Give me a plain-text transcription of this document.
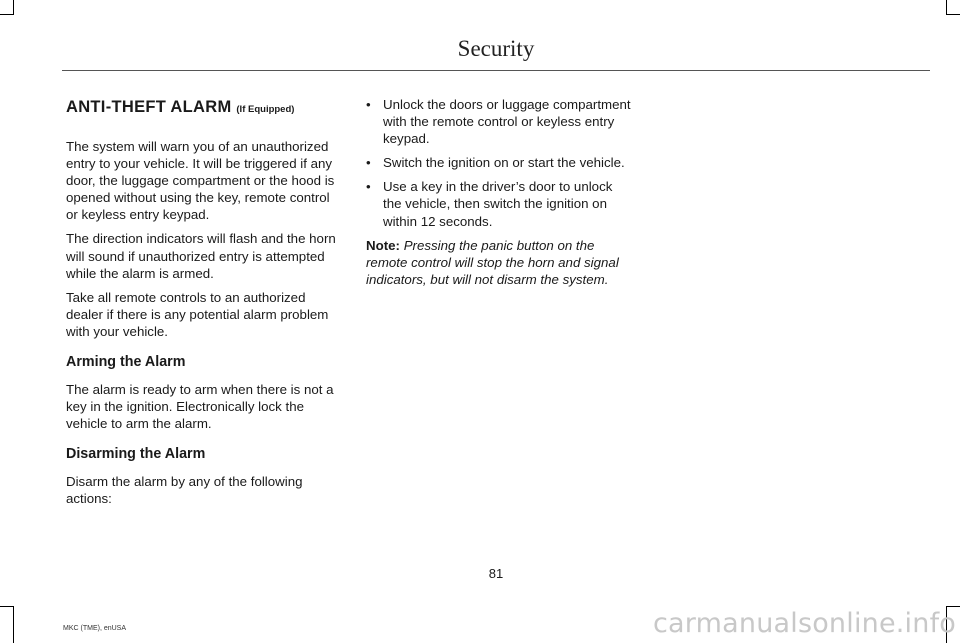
Security
ANTI-THEFT ALARM (If Equipped)

The system will warn you of an unauthorized entry to your vehicle. It will be triggered if any door, the luggage compartment or the hood is opened without using the key, remote control or keyless entry keypad.

The direction indicators will flash and the horn will sound if unauthorized entry is attempted while the alarm is armed.

Take all remote controls to an authorized dealer if there is any potential alarm problem with your vehicle.

Arming the Alarm

The alarm is ready to arm when there is not a key in the ignition. Electronically lock the vehicle to arm the alarm.

Disarming the Alarm

Disarm the alarm by any of the following actions:

• Unlock the doors or luggage compartment with the remote control or keyless entry keypad.
• Switch the ignition on or start the vehicle.
• Use a key in the driver’s door to unlock the vehicle, then switch the ignition on within 12 seconds.

Note: Pressing the panic button on the remote control will stop the horn and signal indicators, but will not disarm the system.

81
MKC (TME), enUSA	carmanualsonline.info
